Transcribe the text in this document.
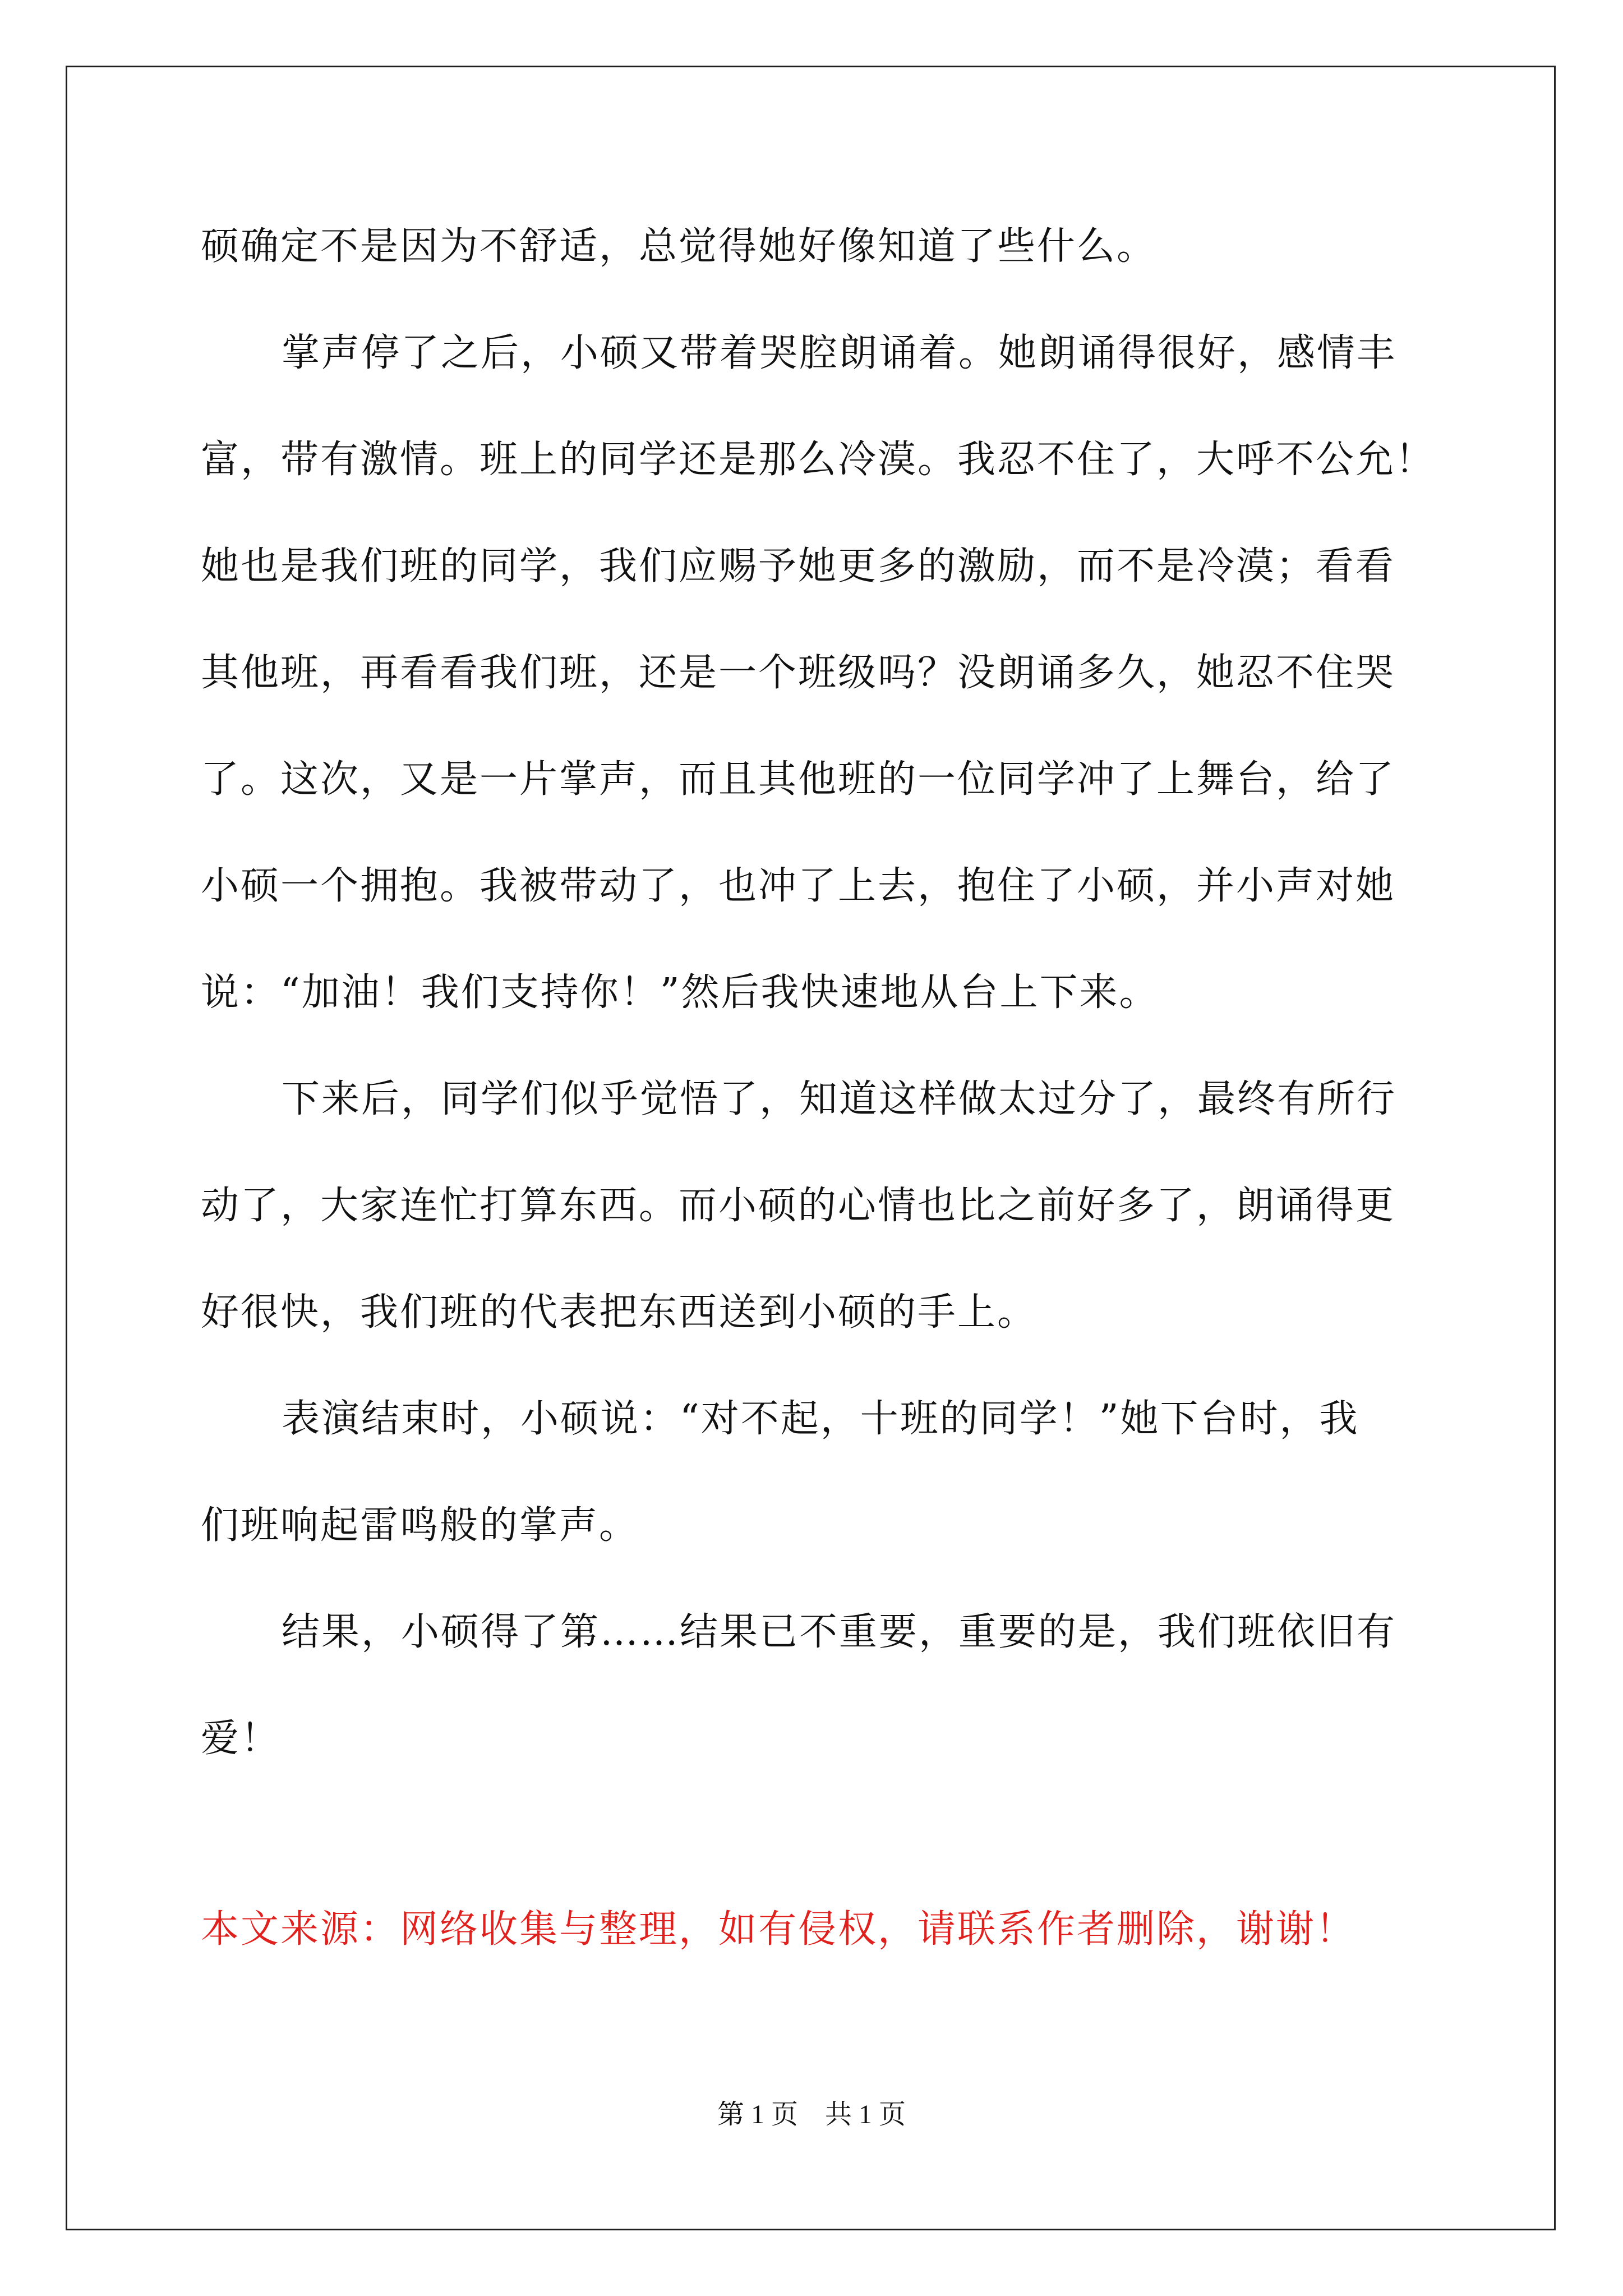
硕确定不是因为不舒适，总觉得她好像知道了些什么。
掌声停了之后，小硕又带着哭腔朗诵着。她朗诵得很好，感情丰
富，带有激情。班上的同学还是那么冷漠。我忍不住了，大呼不公允！
她也是我们班的同学，我们应赐予她更多的激励，而不是冷漠；看看
其他班，再看看我们班，还是一个班级吗？没朗诵多久，她忍不住哭
了。这次，又是一片掌声，而且其他班的一位同学冲了上舞台，给了
小硕一个拥抱。我被带动了，也冲了上去，抱住了小硕，并小声对她
说：“加油！我们支持你！”然后我快速地从台上下来。
下来后，同学们似乎觉悟了，知道这样做太过分了，最终有所行
动了，大家连忙打算东西。而小硕的心情也比之前好多了，朗诵得更
好很快，我们班的代表把东西送到小硕的手上。
表演结束时，小硕说：“对不起，十班的同学！”她下台时，我
们班响起雷鸣般的掌声。
结果，小硕得了第……结果已不重要，重要的是，我们班依旧有
爱！
本文来源：网络收集与整理，如有侵权，请联系作者删除，谢谢！
第 1 页 共 1 页
